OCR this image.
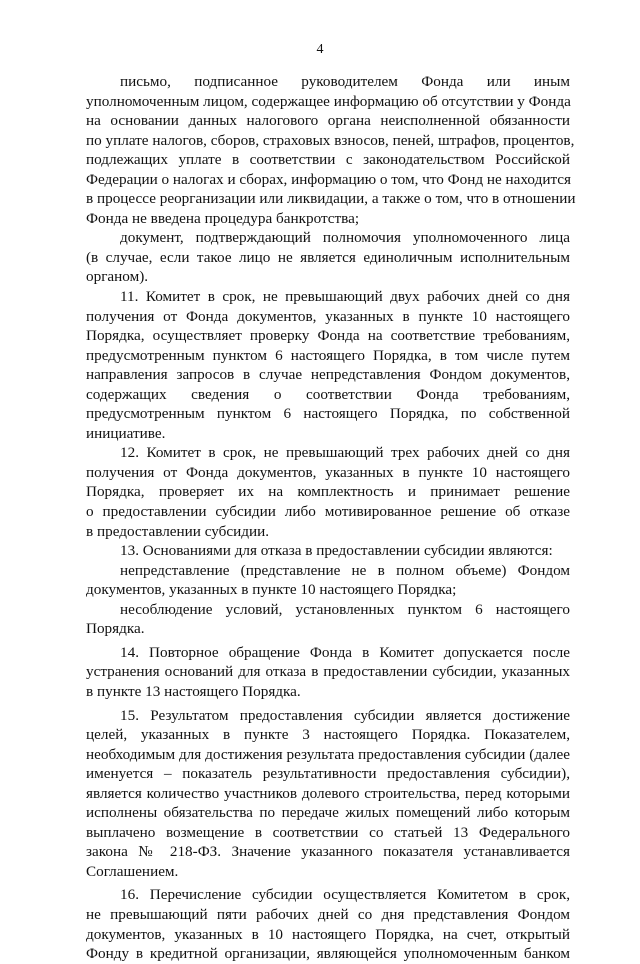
4
письмо, подписанное руководителем Фонда или иным
уполномоченным лицом, содержащее информацию об отсутствии у Фонда
на основании данных налогового органа неисполненной обязанности
по уплате налогов, сборов, страховых взносов, пеней, штрафов, процентов,
подлежащих уплате в соответствии с законодательством Российской
Федерации о налогах и сборах, информацию о том, что Фонд не находится
в процессе реорганизации или ликвидации, а также о том, что в отношении
Фонда не введена процедура банкротства;
документ, подтверждающий полномочия уполномоченного лица
(в случае, если такое лицо не является единоличным исполнительным
органом).
11. Комитет в срок, не превышающий двух рабочих дней со дня
получения от Фонда документов, указанных в пункте 10 настоящего
Порядка, осуществляет проверку Фонда на соответствие требованиям,
предусмотренным пунктом 6 настоящего Порядка, в том числе путем
направления запросов в случае непредставления Фондом документов,
содержащих сведения о соответствии Фонда требованиям,
предусмотренным пунктом 6 настоящего Порядка, по собственной
инициативе.
12. Комитет в срок, не превышающий трех рабочих дней со дня
получения от Фонда документов, указанных в пункте 10 настоящего
Порядка, проверяет их на комплектность и принимает решение
о предоставлении субсидии либо мотивированное решение об отказе
в предоставлении субсидии.
13. Основаниями для отказа в предоставлении субсидии являются:
непредставление (представление не в полном объеме) Фондом
документов, указанных в пункте 10 настоящего Порядка;
несоблюдение условий, установленных пунктом 6 настоящего
Порядка.
14. Повторное обращение Фонда в Комитет допускается после
устранения оснований для отказа в предоставлении субсидии, указанных
в пункте 13 настоящего Порядка.
15. Результатом предоставления субсидии является достижение
целей, указанных в пункте 3 настоящего Порядка. Показателем,
необходимым для достижения результата предоставления субсидии (далее
именуется – показатель результативности предоставления субсидии),
является количество участников долевого строительства, перед которыми
исполнены обязательства по передаче жилых помещений либо которым
выплачено возмещение в соответствии со статьей 13 Федерального
закона № 218-ФЗ. Значение указанного показателя устанавливается
Соглашением.
16. Перечисление субсидии осуществляется Комитетом в срок,
не превышающий пяти рабочих дней со дня представления Фондом
документов, указанных в 10 настоящего Порядка, на счет, открытый
Фонду в кредитной организации, являющейся уполномоченным банком
